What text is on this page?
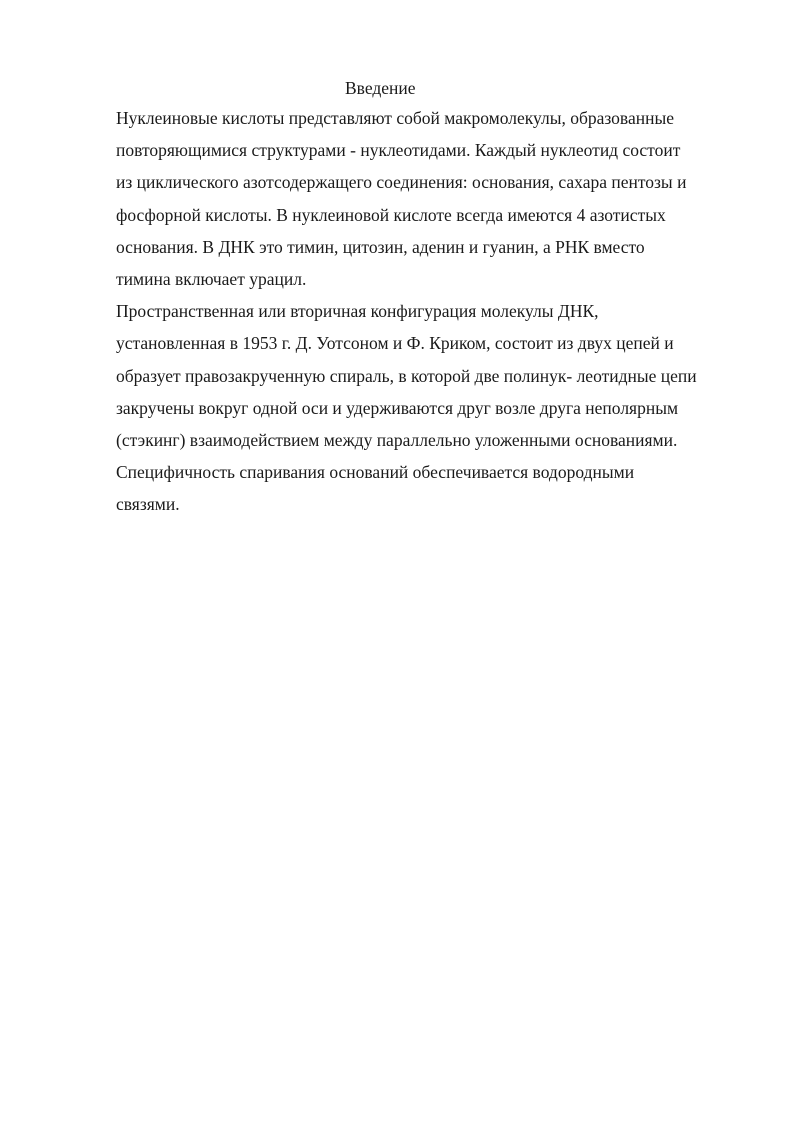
Введение

Нуклеиновые кислоты представляют собой макромолекулы, образованные
повторяющимися структурами - нуклеотидами. Каждый нуклеотид состоит
из циклического азотсодержащего соединения: основания, сахара пентозы и
фосфорной кислоты. В нуклеиновой кислоте всегда имеются 4 азотистых
основания. В ДНК это тимин, цитозин, аденин и гуанин, а РНК вместо
тимина включает урацил.

Пространственная или вторичная конфигурация молекулы ДНК,
установленная в 1953 г. Д. Уотсоном и Ф. Криком, состоит из двух цепей и
образует правозакрученную спираль, в которой две полинук- леотидные цепи
закручены вокруг одной оси и удерживаются друг возле друга неполярным
(стэкинг) взаимодействием между параллельно уложенными основаниями.
Специфичность спаривания оснований обеспечивается водородными
связями.
